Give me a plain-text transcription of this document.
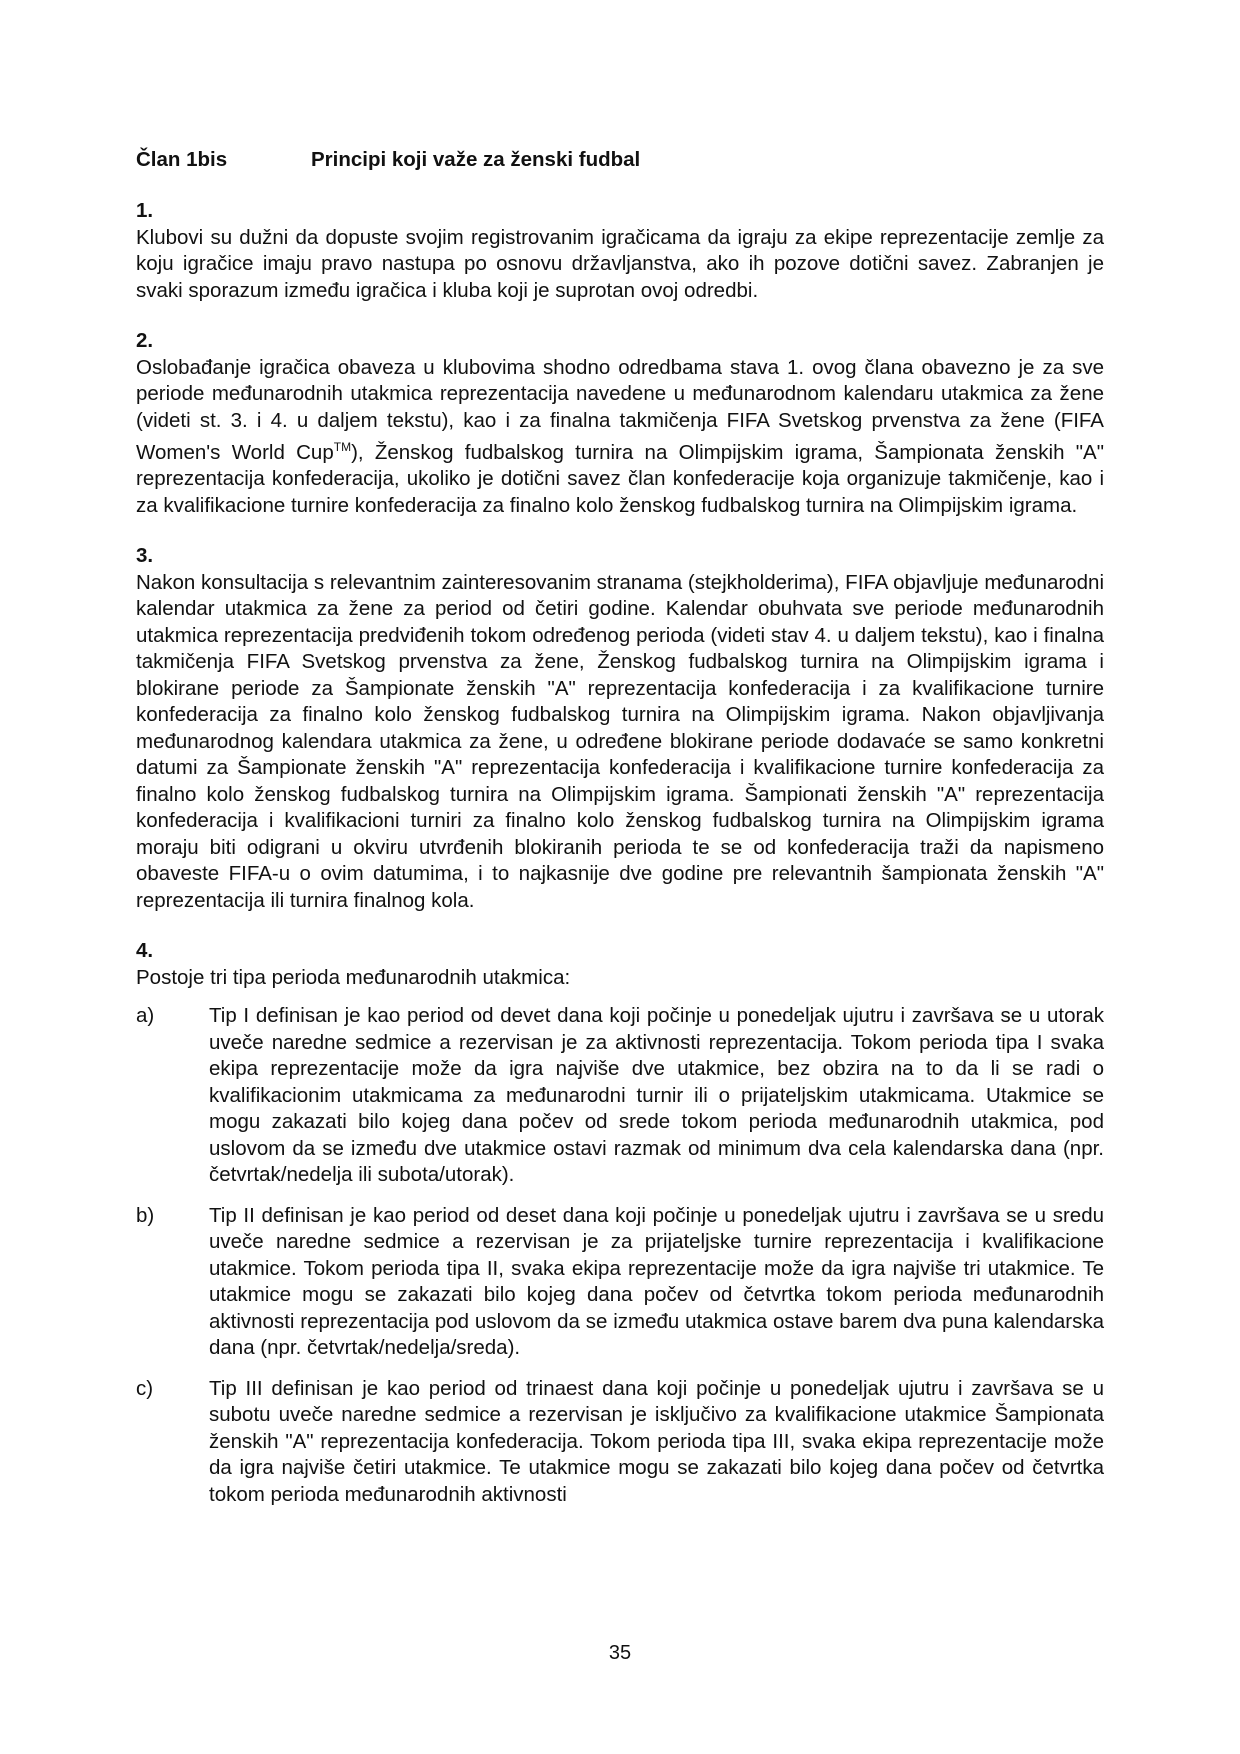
Član 1bis	Principi koji važe za ženski fudbal
1.
Klubovi su dužni da dopuste svojim registrovanim igračicama da igraju za ekipe reprezentacije zemlje za koju igračice imaju pravo nastupa po osnovu državljanstva, ako ih pozove dotični savez. Zabranjen je svaki sporazum između igračica i kluba koji je suprotan ovoj odredbi.
2.
Oslobađanje igračica obaveza u klubovima shodno odredbama stava 1. ovog člana obavezno je za sve periode međunarodnih utakmica reprezentacija navedene u međunarodnom kalendaru utakmica za žene (videti st. 3. i 4. u daljem tekstu), kao i za finalna takmičenja FIFA Svetskog prvenstva za žene (FIFA Women's World Cup™), Ženskog fudbalskog turnira na Olimpijskim igrama, Šampionata ženskih "A" reprezentacija konfederacija, ukoliko je dotični savez član konfederacije koja organizuje takmičenje, kao i za kvalifikacione turnire konfederacija za finalno kolo ženskog fudbalskog turnira na Olimpijskim igrama.
3.
Nakon konsultacija s relevantnim zainteresovanim stranama (stejkholderima), FIFA objavljuje međunarodni kalendar utakmica za žene za period od četiri godine. Kalendar obuhvata sve periode međunarodnih utakmica reprezentacija predviđenih tokom određenog perioda (videti stav 4. u daljem tekstu), kao i finalna takmičenja FIFA Svetskog prvenstva za žene, Ženskog fudbalskog turnira na Olimpijskim igrama i blokirane periode za Šampionate ženskih "A" reprezentacija konfederacija i za kvalifikacione turnire konfederacija za finalno kolo ženskog fudbalskog turnira na Olimpijskim igrama. Nakon objavljivanja međunarodnog kalendara utakmica za žene, u određene blokirane periode dodavaće se samo konkretni datumi za Šampionate ženskih "A" reprezentacija konfederacija i kvalifikacione turnire konfederacija za finalno kolo ženskog fudbalskog turnira na Olimpijskim igrama. Šampionati ženskih "A" reprezentacija konfederacija i kvalifikacioni turniri za finalno kolo ženskog fudbalskog turnira na Olimpijskim igrama moraju biti odigrani u okviru utvrđenih blokiranih perioda te se od konfederacija traži da napismeno obaveste FIFA-u o ovim datumima, i to najkasnije dve godine pre relevantnih šampionata ženskih "A" reprezentacija ili turnira finalnog kola.
4.
Postoje tri tipa perioda međunarodnih utakmica:
a)	Tip I definisan je kao period od devet dana koji počinje u ponedeljak ujutru i završava se u utorak uveče naredne sedmice a rezervisan je za aktivnosti reprezentacija. Tokom perioda tipa I svaka ekipa reprezentacije može da igra najviše dve utakmice, bez obzira na to da li se radi o kvalifikacionim utakmicama za međunarodni turnir ili o prijateljskim utakmicama. Utakmice se mogu zakazati bilo kojeg dana počev od srede tokom perioda međunarodnih utakmica, pod uslovom da se između dve utakmice ostavi razmak od minimum dva cela kalendarska dana (npr. četvrtak/nedelja ili subota/utorak).
b)	Tip II definisan je kao period od deset dana koji počinje u ponedeljak ujutru i završava se u sredu uveče naredne sedmice a rezervisan je za prijateljske turnire reprezentacija i kvalifikacione utakmice. Tokom perioda tipa II, svaka ekipa reprezentacije može da igra najviše tri utakmice. Te utakmice mogu se zakazati bilo kojeg dana počev od četvrtka tokom perioda međunarodnih aktivnosti reprezentacija pod uslovom da se između utakmica ostave barem dva puna kalendarska dana (npr. četvrtak/nedelja/sreda).
c)	Tip III definisan je kao period od trinaest dana koji počinje u ponedeljak ujutru i završava se u subotu uveče naredne sedmice a rezervisan je isključivo za kvalifikacione utakmice Šampionata ženskih "A" reprezentacija konfederacija. Tokom perioda tipa III, svaka ekipa reprezentacije može da igra najviše četiri utakmice. Te utakmice mogu se zakazati bilo kojeg dana počev od četvrtka tokom perioda međunarodnih aktivnosti
35
